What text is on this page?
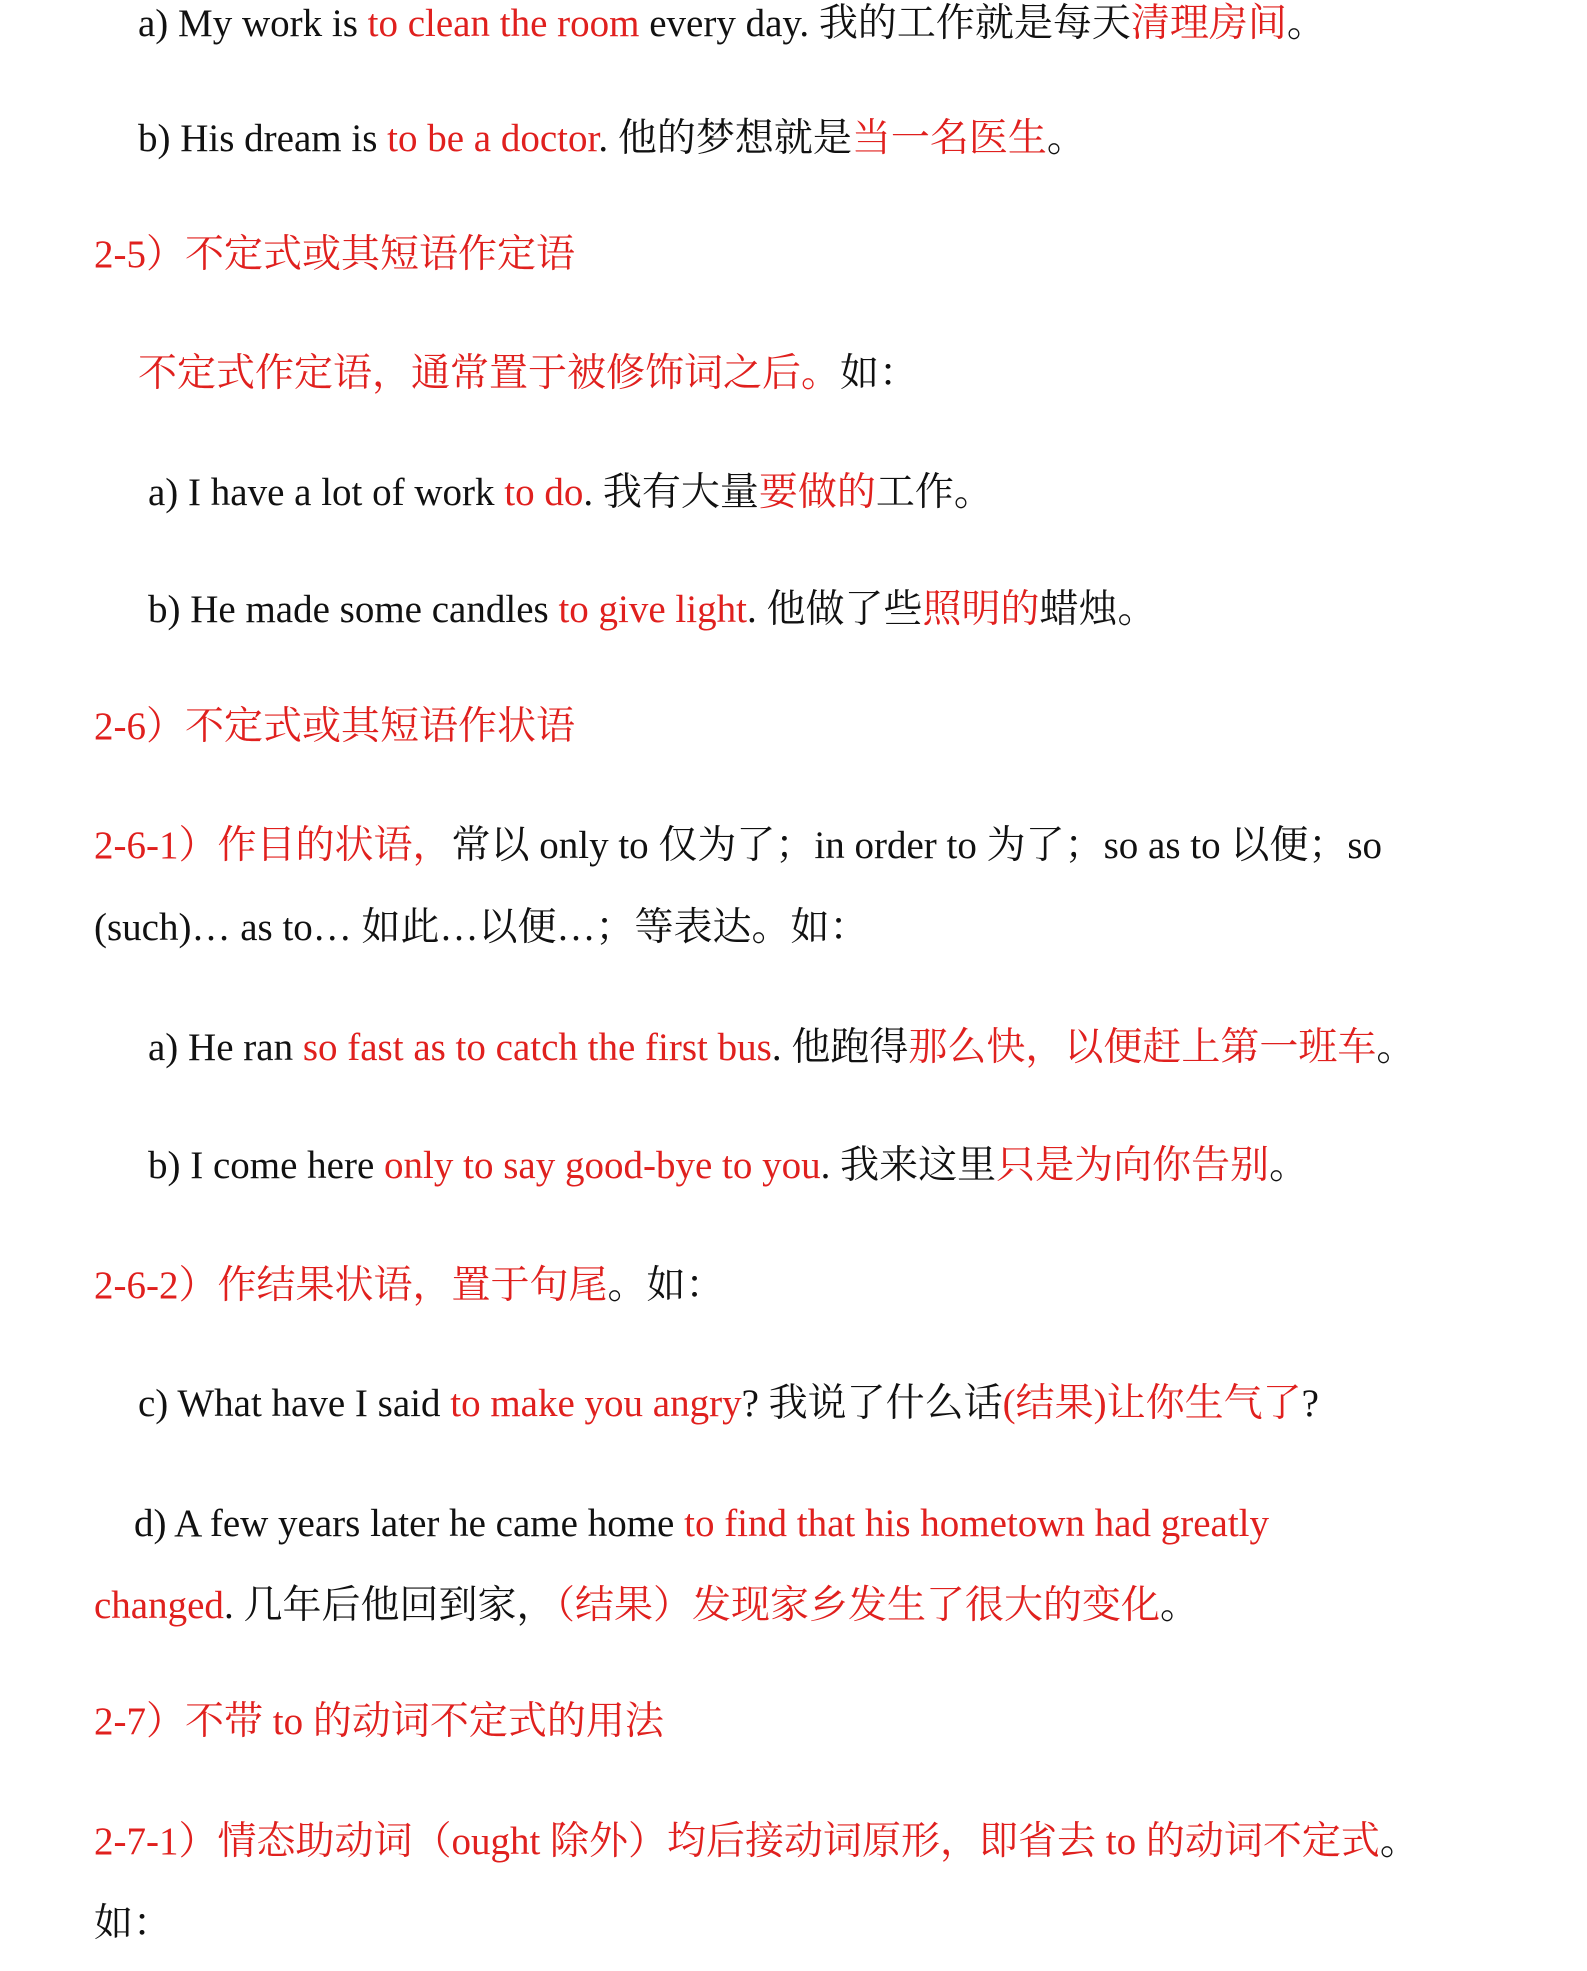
a) My work is to clean the room every day. 我的工作就是每天清理房间。
b) His dream is to be a doctor. 他的梦想就是当一名医生。
2-5）不定式或其短语作定语
不定式作定语，通常置于被修饰词之后。如：
a) I have a lot of work to do. 我有大量要做的工作。
b) He made some candles to give light. 他做了些照明的蜡烛。
2-6）不定式或其短语作状语
2-6-1）作目的状语，常以 only to 仅为了；in order to 为了；so as to 以便；so
(such)… as to… 如此…以便…；等表达。如：
a) He ran so fast as to catch the first bus. 他跑得那么快，以便赶上第一班车。
b) I come here only to say good-bye to you. 我来这里只是为向你告别。
2-6-2）作结果状语，置于句尾。如：
c) What have I said to make you angry? 我说了什么话(结果)让你生气了?
d) A few years later he came home to find that his hometown had greatly
changed. 几年后他回到家，（结果）发现家乡发生了很大的变化。
2-7）不带 to 的动词不定式的用法
2-7-1）情态助动词（ought 除外）均后接动词原形，即省去 to 的动词不定式。
如：
